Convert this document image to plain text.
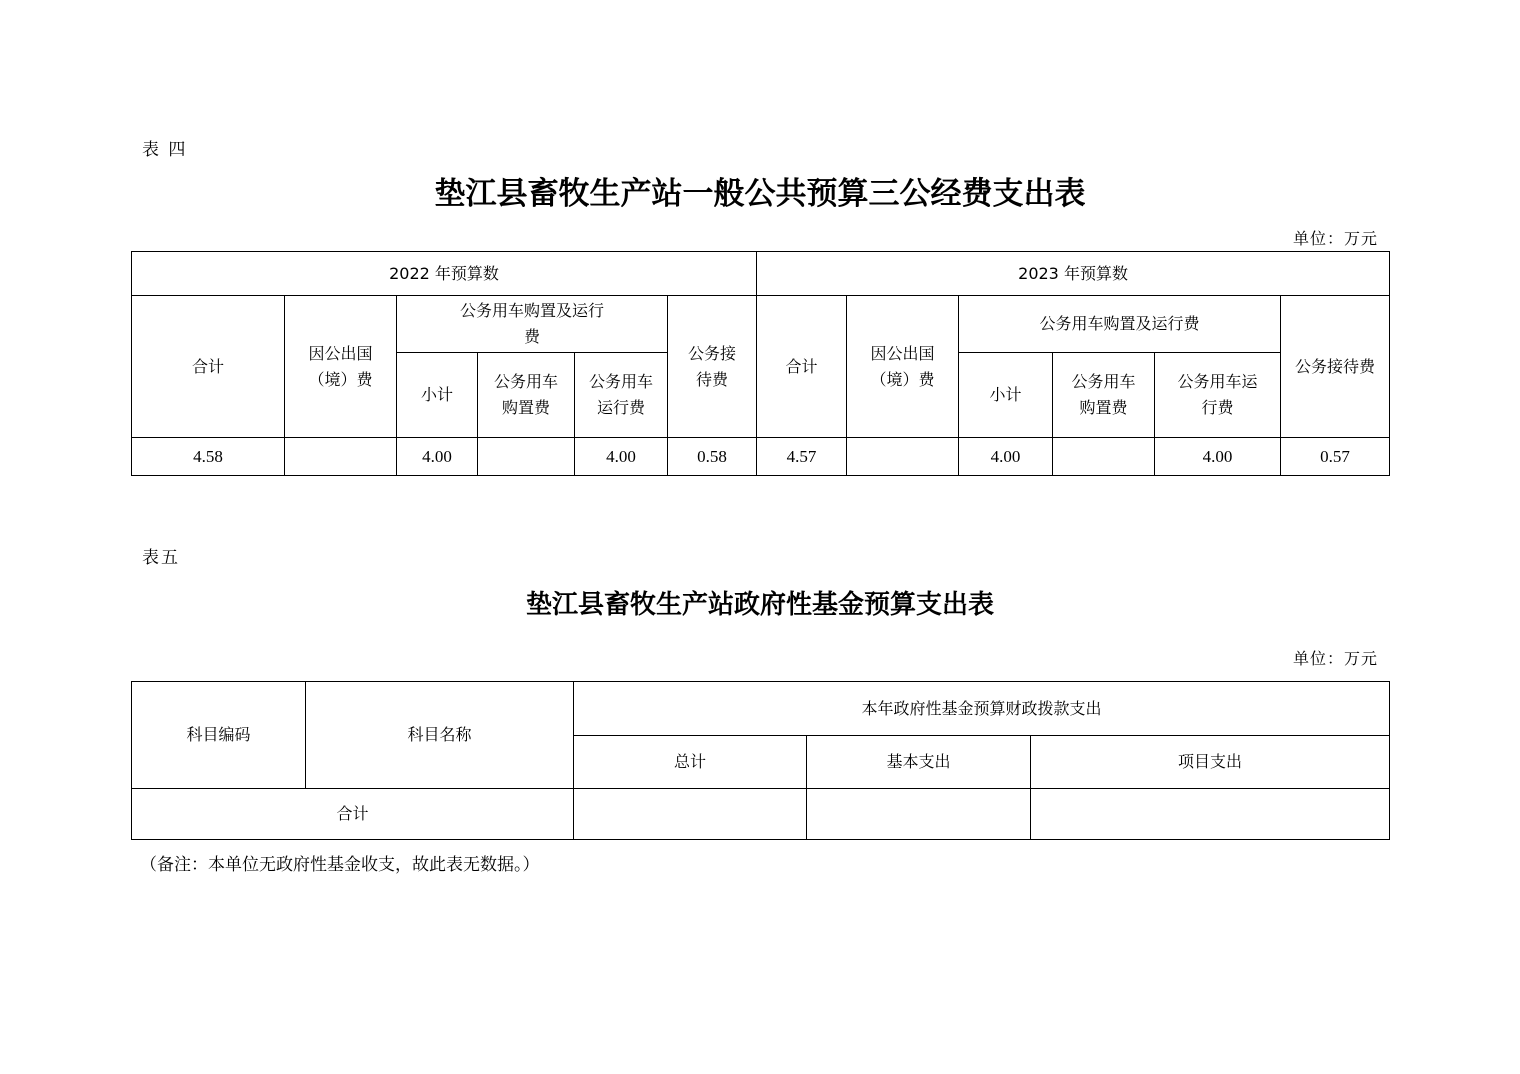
表 四
垫江县畜牧生产站一般公共预算三公经费支出表
单位：万元
2022 年预算数						2023 年预算数					
合计	因公出国（境）费	公务用车购置及运行费			公务接待费	合计	因公出国（境）费	公务用车购置及运行费			公务接待费
		小计	公务用车购置费	公务用车运行费				小计	公务用车购置费	公务用车运行费	
4.58		4.00		4.00	0.58	4.57		4.00		4.00	0.57
表五
垫江县畜牧生产站政府性基金预算支出表
单位：万元
科目编码	科目名称	本年政府性基金预算财政拨款支出		
		总计	基本支出	项目支出
合计				
（备注：本单位无政府性基金收支，故此表无数据。）
